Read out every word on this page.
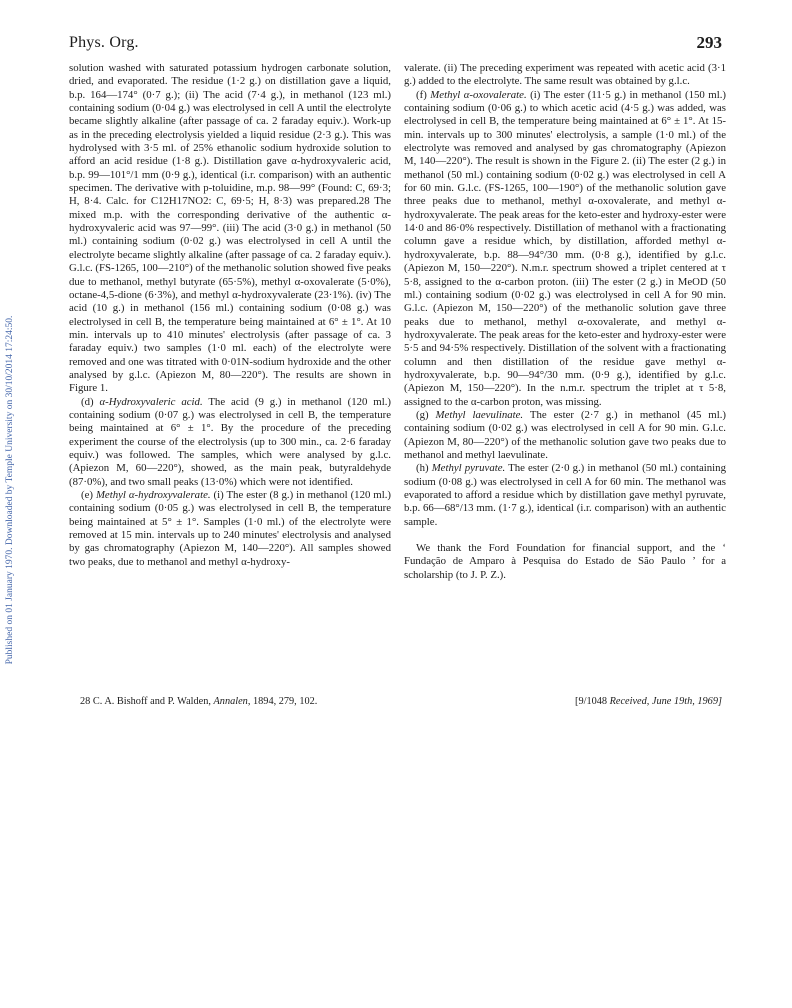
Phys. Org.	293
Published on 01 January 1970. Downloaded by Temple University on 30/10/2014 17:24:50.

solution washed with saturated potassium hydrogen carbonate solution, dried, and evaporated. The residue (1·2 g.) on distillation gave a liquid, b.p. 164—174° (0·7 g.); (ii) The acid (7·4 g.), in methanol (123 ml.) containing sodium (0·04 g.) was electrolysed in cell A until the electrolyte became slightly alkaline (after passage of ca. 2 faraday equiv.). Work-up as in the preceding electrolysis yielded a liquid residue (2·3 g.). This was hydrolysed with 3·5 ml. of 25% ethanolic sodium hydroxide solution to afford an acid residue (1·8 g.). Distillation gave α-hydroxyvaleric acid, b.p. 99—101°/1 mm (0·9 g.), identical (i.r. comparison) with an authentic specimen. The derivative with p-toluidine, m.p. 98—99° (Found: C, 69·3; H, 8·4. Calc. for C12H17NO2: C, 69·5; H, 8·3) was prepared.28 The mixed m.p. with the corresponding derivative of the authentic α-hydroxyvaleric acid was 97—99°. (iii) The acid (3·0 g.) in methanol (50 ml.) containing sodium (0·02 g.) was electrolysed in cell A until the electrolyte became slightly alkaline (after passage of ca. 2 faraday equiv.). G.l.c. (FS-1265, 100—210°) of the methanolic solution showed five peaks due to methanol, methyl butyrate (65·5%), methyl α-oxovalerate (5·0%), octane-4,5-dione (6·3%), and methyl α-hydroxyvalerate (23·1%). (iv) The acid (10 g.) in methanol (156 ml.) containing sodium (0·08 g.) was electrolysed in cell B, the temperature being maintained at 6° ± 1°. At 10 min. intervals up to 410 minutes' electrolysis (after passage of ca. 3 faraday equiv.) two samples (1·0 ml. each) of the electrolyte were removed and one was titrated with 0·01N-sodium hydroxide and the other analysed by g.l.c. (Apiezon M, 80—220°). The results are shown in Figure 1.

(d) α-Hydroxyvaleric acid. The acid (9 g.) in methanol (120 ml.) containing sodium (0·07 g.) was electrolysed in cell B, the temperature being maintained at 6° ± 1°. By the procedure of the preceding experiment the course of the electrolysis (up to 300 min., ca. 2·6 faraday equiv.) was followed. The samples, which were analysed by g.l.c. (Apiezon M, 60—220°), showed, as the main peak, butyraldehyde (87·0%), and two small peaks (13·0%) which were not identified.

(e) Methyl α-hydroxyvalerate. (i) The ester (8 g.) in methanol (120 ml.) containing sodium (0·05 g.) was electrolysed in cell B, the temperature being maintained at 5° ± 1°. Samples (1·0 ml.) of the electrolyte were removed at 15 min. intervals up to 240 minutes' electrolysis and analysed by gas chromatography (Apiezon M, 140—220°). All samples showed two peaks, due to methanol and methyl α-hydroxy-

valerate. (ii) The preceding experiment was repeated with acetic acid (3·1 g.) added to the electrolyte. The same result was obtained by g.l.c.

(f) Methyl α-oxovalerate. (i) The ester (11·5 g.) in methanol (150 ml.) containing sodium (0·06 g.) to which acetic acid (4·5 g.) was added, was electrolysed in cell B, the temperature being maintained at 6° ± 1°. At 15-min. intervals up to 300 minutes' electrolysis, a sample (1·0 ml.) of the electrolyte was removed and analysed by gas chromatography (Apiezon M, 140—220°). The result is shown in the Figure 2. (ii) The ester (2 g.) in methanol (50 ml.) containing sodium (0·02 g.) was electrolysed in cell A for 60 min. G.l.c. (FS-1265, 100—190°) of the methanolic solution gave three peaks due to methanol, methyl α-oxovalerate, and methyl α-hydroxyvalerate. The peak areas for the keto-ester and hydroxy-ester were 14·0 and 86·0% respectively. Distillation of methanol with a fractionating column gave a residue which, by distillation, afforded methyl α-hydroxyvalerate, b.p. 88—94°/30 mm. (0·8 g.), identified by g.l.c. (Apiezon M, 150—220°). N.m.r. spectrum showed a triplet centered at τ 5·8, assigned to the α-carbon proton. (iii) The ester (2 g.) in MeOD (50 ml.) containing sodium (0·02 g.) was electrolysed in cell A for 90 min. G.l.c. (Apiezon M, 150—220°) of the methanolic solution gave three peaks due to methanol, methyl α-oxovalerate, and methyl α-hydroxyvalerate. The peak areas for the keto-ester and hydroxy-ester were 5·5 and 94·5% respectively. Distillation of the solvent with a fractionating column and then distillation of the residue gave methyl α-hydroxyvalerate, b.p. 90—94°/30 mm. (0·9 g.), identified by g.l.c. (Apiezon M, 150—220°). In the n.m.r. spectrum the triplet at τ 5·8, assigned to the α-carbon proton, was missing.

(g) Methyl laevulinate. The ester (2·7 g.) in methanol (45 ml.) containing sodium (0·02 g.) was electrolysed in cell A for 90 min. G.l.c. (Apiezon M, 80—220°) of the methanolic solution gave two peaks due to methanol and methyl laevulinate.

(h) Methyl pyruvate. The ester (2·0 g.) in methanol (50 ml.) containing sodium (0·08 g.) was electrolysed in cell A for 60 min. The methanol was evaporated to afford a residue which by distillation gave methyl pyruvate, b.p. 66—68°/13 mm. (1·7 g.), identical (i.r. comparison) with an authentic sample.

We thank the Ford Foundation for financial support, and the ‘ Fundação de Amparo à Pesquisa do Estado de São Paulo ’ for a scholarship (to J. P. Z.).

28 C. A. Bishoff and P. Walden, Annalen, 1894, 279, 102.	[9/1048 Received, June 19th, 1969]
